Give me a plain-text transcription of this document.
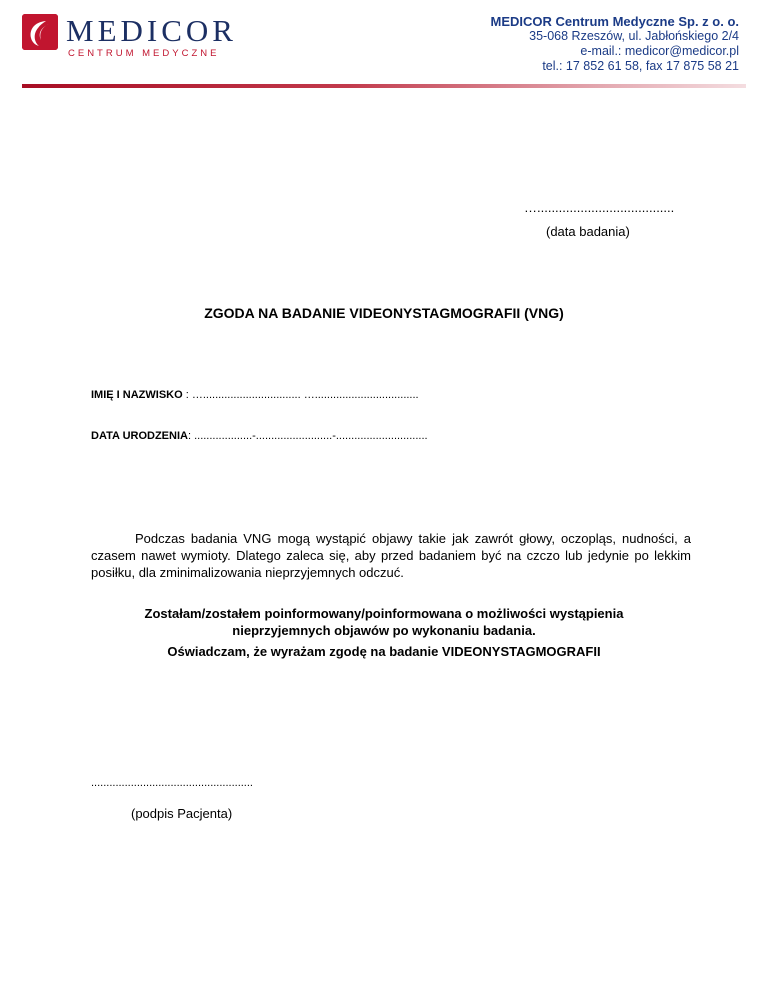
MEDICOR
CENTRUM MEDYCZNE
MEDICOR Centrum Medyczne Sp. z o. o.
35-068 Rzeszów, ul. Jabłońskiego 2/4
e-mail.: medicor@medicor.pl
tel.: 17 852 61 58, fax 17 875 58 21
…......................................
(data badania)
ZGODA NA BADANIE VIDEONYSTAGMOGRAFII (VNG)
IMIĘ I NAZWISKO : …................................ …..................................
DATA URODZENIA: ...................-.........................-..............................
Podczas badania VNG mogą wystąpić objawy takie jak zawrót głowy, oczopląs, nudności, a czasem nawet wymioty. Dlatego zaleca się, aby przed badaniem być na czczo lub jedynie po lekkim posiłku, dla zminimalizowania nieprzyjemnych odczuć.
Zostałam/zostałem poinformowany/poinformowana o możliwości wystąpienia
nieprzyjemnych objawów po wykonaniu badania.
Oświadczam, że wyrażam zgodę na badanie VIDEONYSTAGMOGRAFII
.....................................................
(podpis Pacjenta)
